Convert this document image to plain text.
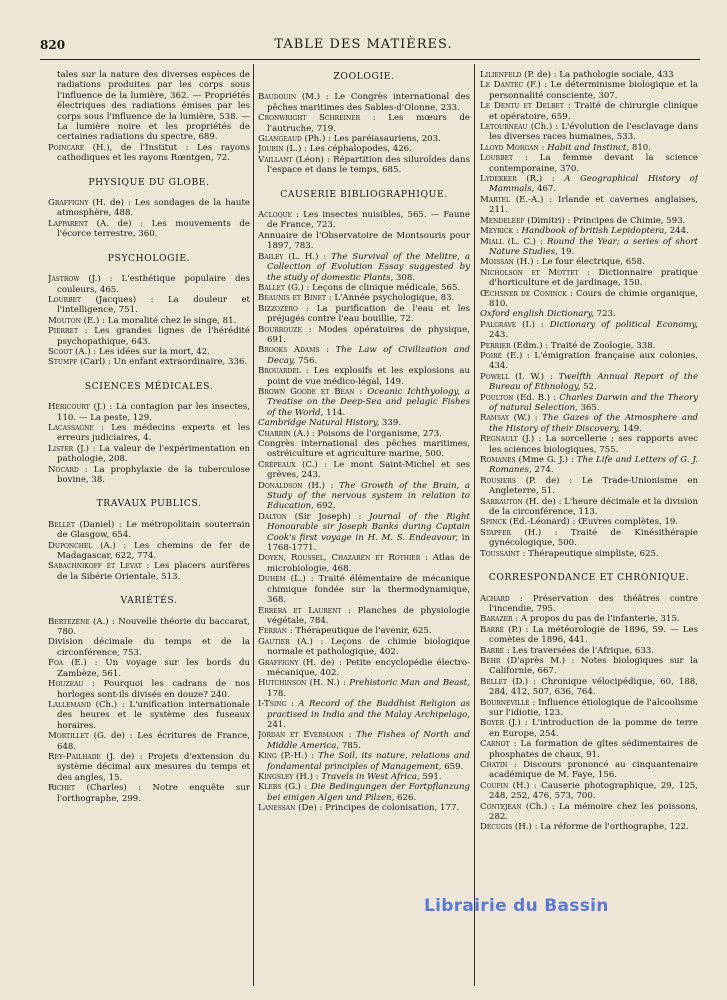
820	TABLE DES MATIÈRES.

tales sur la nature des diverses espèces de radiations produites par les corps sous l'influence de la lumière, 362. — Propriétés électriques des radiations émises par les corps sous l'influence de la lumière, 538. — La lumière noire et les propriétés de certaines radiations du spectre, 689.

Poincaré (H.), de l'Institut : Les rayons cathodiques et les rayons Rœntgen, 72.

PHYSIQUE DU GLOBE.

Graffigny (H. de) : Les sondages de la haute atmosphère, 488.

Lapparent (A. de) : Les mouvements de l'écorce terrestre, 360.

PSYCHOLOGIE.

Jastrow (J.) : L'esthétique populaire des couleurs, 465.

Lourbet (Jacques) : La douleur et l'intelligence, 751.

Mouton (E.) : La moralité chez le singe, 81.

Pierret : Les grandes lignes de l'hérédité psychopathique, 643.

Scoot (A.) : Les idées sur la mort, 42.

Stumpf (Carl) : Un enfant extraordinaire, 336.

SCIENCES MÉDICALES.

Héricourt (J.) : La contagion par les insectes, 110. — La peste, 129.

Lacassagne : Les médecins experts et les erreurs judiciaires, 4.

Lister (J.) : La valeur de l'expérimentation en pathologie, 208.

Nocard : La prophylaxie de la tuberculose bovine, 38.

TRAVAUX PUBLICS.

Bellet (Daniel) : Le métropolitain souterrain de Glasgow, 654.

Duponchel (A.) : Les chemins de fer de Madagascar, 622, 774.

Sabachnikoff et Levat : Les placers aurifères de la Sibérie Orientale, 513.

VARIÉTÉS.

Bertezène (A.) : Nouvelle théorie du baccarat, 780.

Division décimale du temps et de la circonférence, 753.

Foa (E.) : Un voyage sur les bords du Zambèze, 561.

Houzeau : Pourquoi les cadrans de nos horloges sont-ils divisés en douze? 240.

Lallemand (Ch.) : L'unification internationale des heures et le système des fuseaux horaires.

Mortillet (G. de) : Les écritures de France, 648.

Rey-Pailhade (J. de) : Projets d'extension du système décimal aux mesures du temps et des angles, 15.

Richet (Charles) : Notre enquête sur l'orthographe, 299.

ZOOLOGIE.

Baudouin (M.) : Le Congrès international des pêches maritimes des Sables-d'Olonne, 233.

Cronwright Schreiner : Les mœurs de l'autruche, 719.

Glangeaud (Ph.) : Les paréiasauriens, 203.

Joubin (L.) : Les céphalopodes, 426.

Vaillant (Léon) : Répartition des siluroïdes dans l'espace et dans le temps, 685.

CAUSERIE BIBLIOGRAPHIQUE.

Acloque : Les insectes nuisibles, 565. — Faune de France, 723.

Annuaire de l'Observatoire de Montsouris pour 1897, 783.

Bailey (L. H.) : The Survival of the Melitre, a Collection of Evolution Essay suggested by the study of domestic Plants, 308.

Ballet (G.) : Leçons de clinique médicale, 565.

Beaunis et Binet : L'Année psychologique, 83.

Bizzozero : La purification de l'eau et les préjugés contre l'eau bouillie, 72.

Bourrouze : Modes opératoires de physique, 691.

Brooks Adams : The Law of Civilization and Decay, 756.

Brouardel : Les explosifs et les explosions au point de vue médico-légal, 149.

Brown Goode et Bean : Oceanic Ichthyology, a Treatise on the Deep-Sea and pelagic Fishes of the World, 114.

Cambridge Natural History, 339.

Charrin (A.) : Poisons de l'organisme, 273.

Congrès international des pêches maritimes, ostréiculture et agriculture marine, 500.

Crépeaux (C.) : Le mont Saint-Michel et ses grèves, 243.

Donaldson (H.) : The Growth of the Brain, a Study of the nervous system in relation to Education, 692.

Dalton (Sir Joseph) : Journal of the Right Honourable sir Joseph Banks during Captain Cook's first voyage in H. M. S. Endeavour, in 1768-1771.

Doyen, Roussel, Chazarén et Rothier : Atlas de microbiologie, 468.

Duhem (L.) : Traité élémentaire de mécanique chimique fondée sur la thermodynamique, 368.

Errera et Laurent : Planches de physiologie végétale, 784.

Ferran : Thérapeutique de l'avenir, 625.

Gautier (A.) : Leçons de chimie biologique normale et pathologique, 402.

Graffigny (H. de) : Petite encyclopédie électro-mécanique, 402.

Hutchinson (H. N.) : Prehistoric Man and Beast, 178.

I-Tsing : A Record of the Buddhist Religion as practised in India and the Malay Archipelago, 241.

Jordan et Evermann : The Fishes of North and Middle America, 785.

King (P.-H.) : The Soil, its nature, relations and fondamental principles of Management, 659.

Kingsley (H.) : Travels in West Africa, 591.

Klebs (G.) : Die Bedingungen der Fortpflanzung bei einigen Algen und Pilzen, 626.

Lanessan (De) : Principes de colonisation, 177.

Lilienfeld (P. de) : La pathologie sociale, 433

Le Dantec (F.) : Le déterminisme biologique et la personnalité consciente, 307.

Le Dentu et Delbet : Traité de chirurgie clinique et opératoire, 659.

Letourneau (Ch.) : L'évolution de l'esclavage dans les diverses races humaines, 533.

Lloyd Morgan : Habit and Instinct, 810.

Lourbet : La femme devant la science contemporaine, 370.

Lydekker (R.) : A Geographical History of Mammals, 467.

Martel (E.-A.) : Irlande et cavernes anglaises, 211.

Mendeléef (Dimitri) : Principes de Chimie, 593.

Meyrick : Handbook of british Lepidoptera, 244.

Miall (L. C.) : Round the Year; a series of short Nature Studies, 19.

Moissan (H.) : Le four électrique, 658.

Nicholson et Mottet : Dictionnaire pratique d'horticulture et de jardinage, 150.

Œchsner de Coninck : Cours de chimie organique, 810.

Oxford english Dictionary, 723.

Palgrave (I.) : Dictionary of political Economy, 243.

Perrier (Edm.) : Traité de Zoologie, 338.

Poiré (E.) : L'émigration française aux colonies, 434.

Powell (I. W.) : Twelfth Annual Report of the Bureau of Ethnology, 52.

Poulton (Ed. B.) : Charles Darwin and the Theory of natural Selection, 365.

Ramsay (W.) : The Gazes of the Atmosphere and the History of their Discovery, 149.

Regnault (J.) : La sorcellerie ; ses rapports avec les sciences biologiques, 755.

Romanes (Mme G. J.) : The Life and Letters of G. J. Romanes, 274.

Rousiers (P. de) : Le Trade-Unionisme en Angleterre, 51.

Sarrauton (H. de) : L'heure décimale et la division de la circonférence, 113.

Spinck (Ed.-Léonard) : Œuvres complètes, 19.

Stapfer (H.) : Traité de Kinésithérapie gynécologique, 500.

Toussaint : Thérapeutique simpliste, 625.

CORRESPONDANCE ET CHRONIQUE.

Achard : Préservation des théâtres contre l'incendie, 795.

Barazer : A propos du pas de l'infanterie, 315.

Barré (P.) : La météorologie de 1896, 59. — Les comètes de 1896, 441.

Barré : Les traversées de l'Afrique, 633.

Behr (D'après M.) : Notes biologiques sur la Californie, 667.

Bellet (D.) : Chronique vélocipédique, 60, 188, 284, 412, 507, 636, 764.

Bourneville : Influence étiologique de l'alcoolisme sur l'idiotie, 123.

Boyer (J.) : L'introduction de la pomme de terre en Europe, 254.

Carnot : La formation de gîtes sédimentaires de phosphates de chaux, 91.

Chatin : Discours prononcé au cinquantenaire académique de M. Faye, 156.

Coupin (H.) : Causerie photographique, 29, 125, 248, 252, 476, 573, 700.

Contejean (Ch.) : La mémoire chez les poissons, 282.

Décugis (H.) : La réforme de l'orthographe, 122.

Librairie du Bassin
